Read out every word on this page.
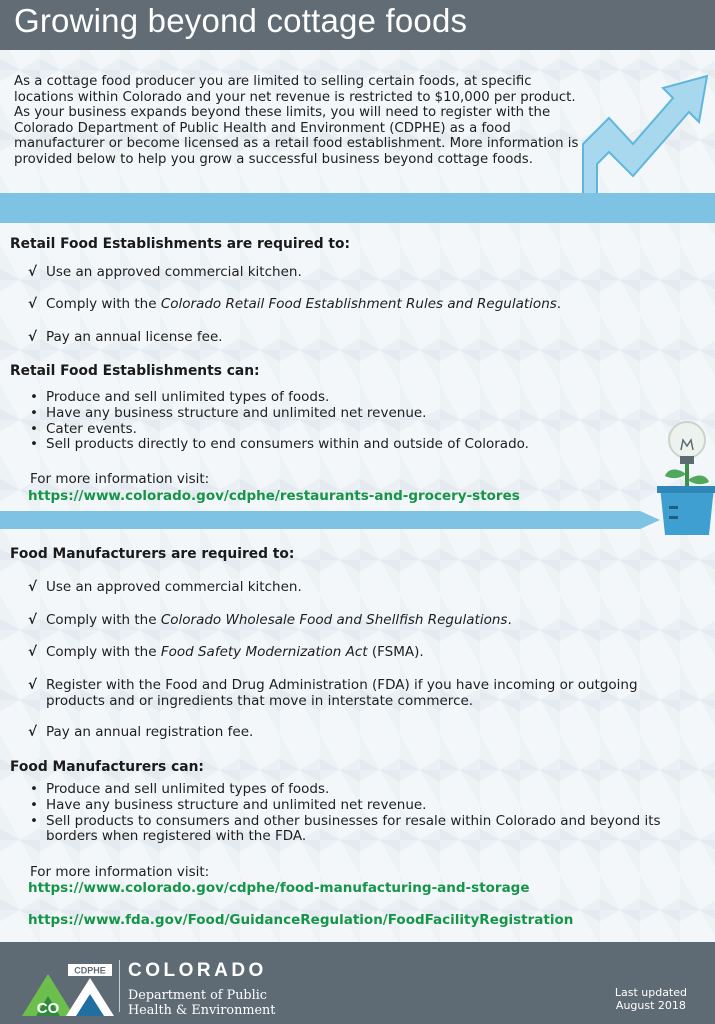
Growing beyond cottage foods

As a cottage food producer you are limited to selling certain foods, at specific locations within Colorado and your net revenue is restricted to $10,000 per product. As your business expands beyond these limits, you will need to register with the Colorado Department of Public Health and Environment (CDPHE) as a food manufacturer or become licensed as a retail food establishment. More information is provided below to help you grow a successful business beyond cottage foods.

Retail Food Establishments are required to:
√ Use an approved commercial kitchen.
√ Comply with the Colorado Retail Food Establishment Rules and Regulations.
√ Pay an annual license fee.
Retail Food Establishments can:
• Produce and sell unlimited types of foods.
• Have any business structure and unlimited net revenue.
• Cater events.
• Sell products directly to end consumers within and outside of Colorado.
For more information visit:
https://www.colorado.gov/cdphe/restaurants-and-grocery-stores
Food Manufacturers are required to:
√ Use an approved commercial kitchen.
√ Comply with the Colorado Wholesale Food and Shellfish Regulations.
√ Comply with the Food Safety Modernization Act (FSMA).
√ Register with the Food and Drug Administration (FDA) if you have incoming or outgoing products and or ingredients that move in interstate commerce.
√ Pay an annual registration fee.
Food Manufacturers can:
• Produce and sell unlimited types of foods.
• Have any business structure and unlimited net revenue.
• Sell products to consumers and other businesses for resale within Colorado and beyond its borders when registered with the FDA.
For more information visit:
https://www.colorado.gov/cdphe/food-manufacturing-and-storage
https://www.fda.gov/Food/GuidanceRegulation/FoodFacilityRegistration
CDPHE
CO
COLORADO
Department of Public
Health & Environment
Last updated
August 2018
